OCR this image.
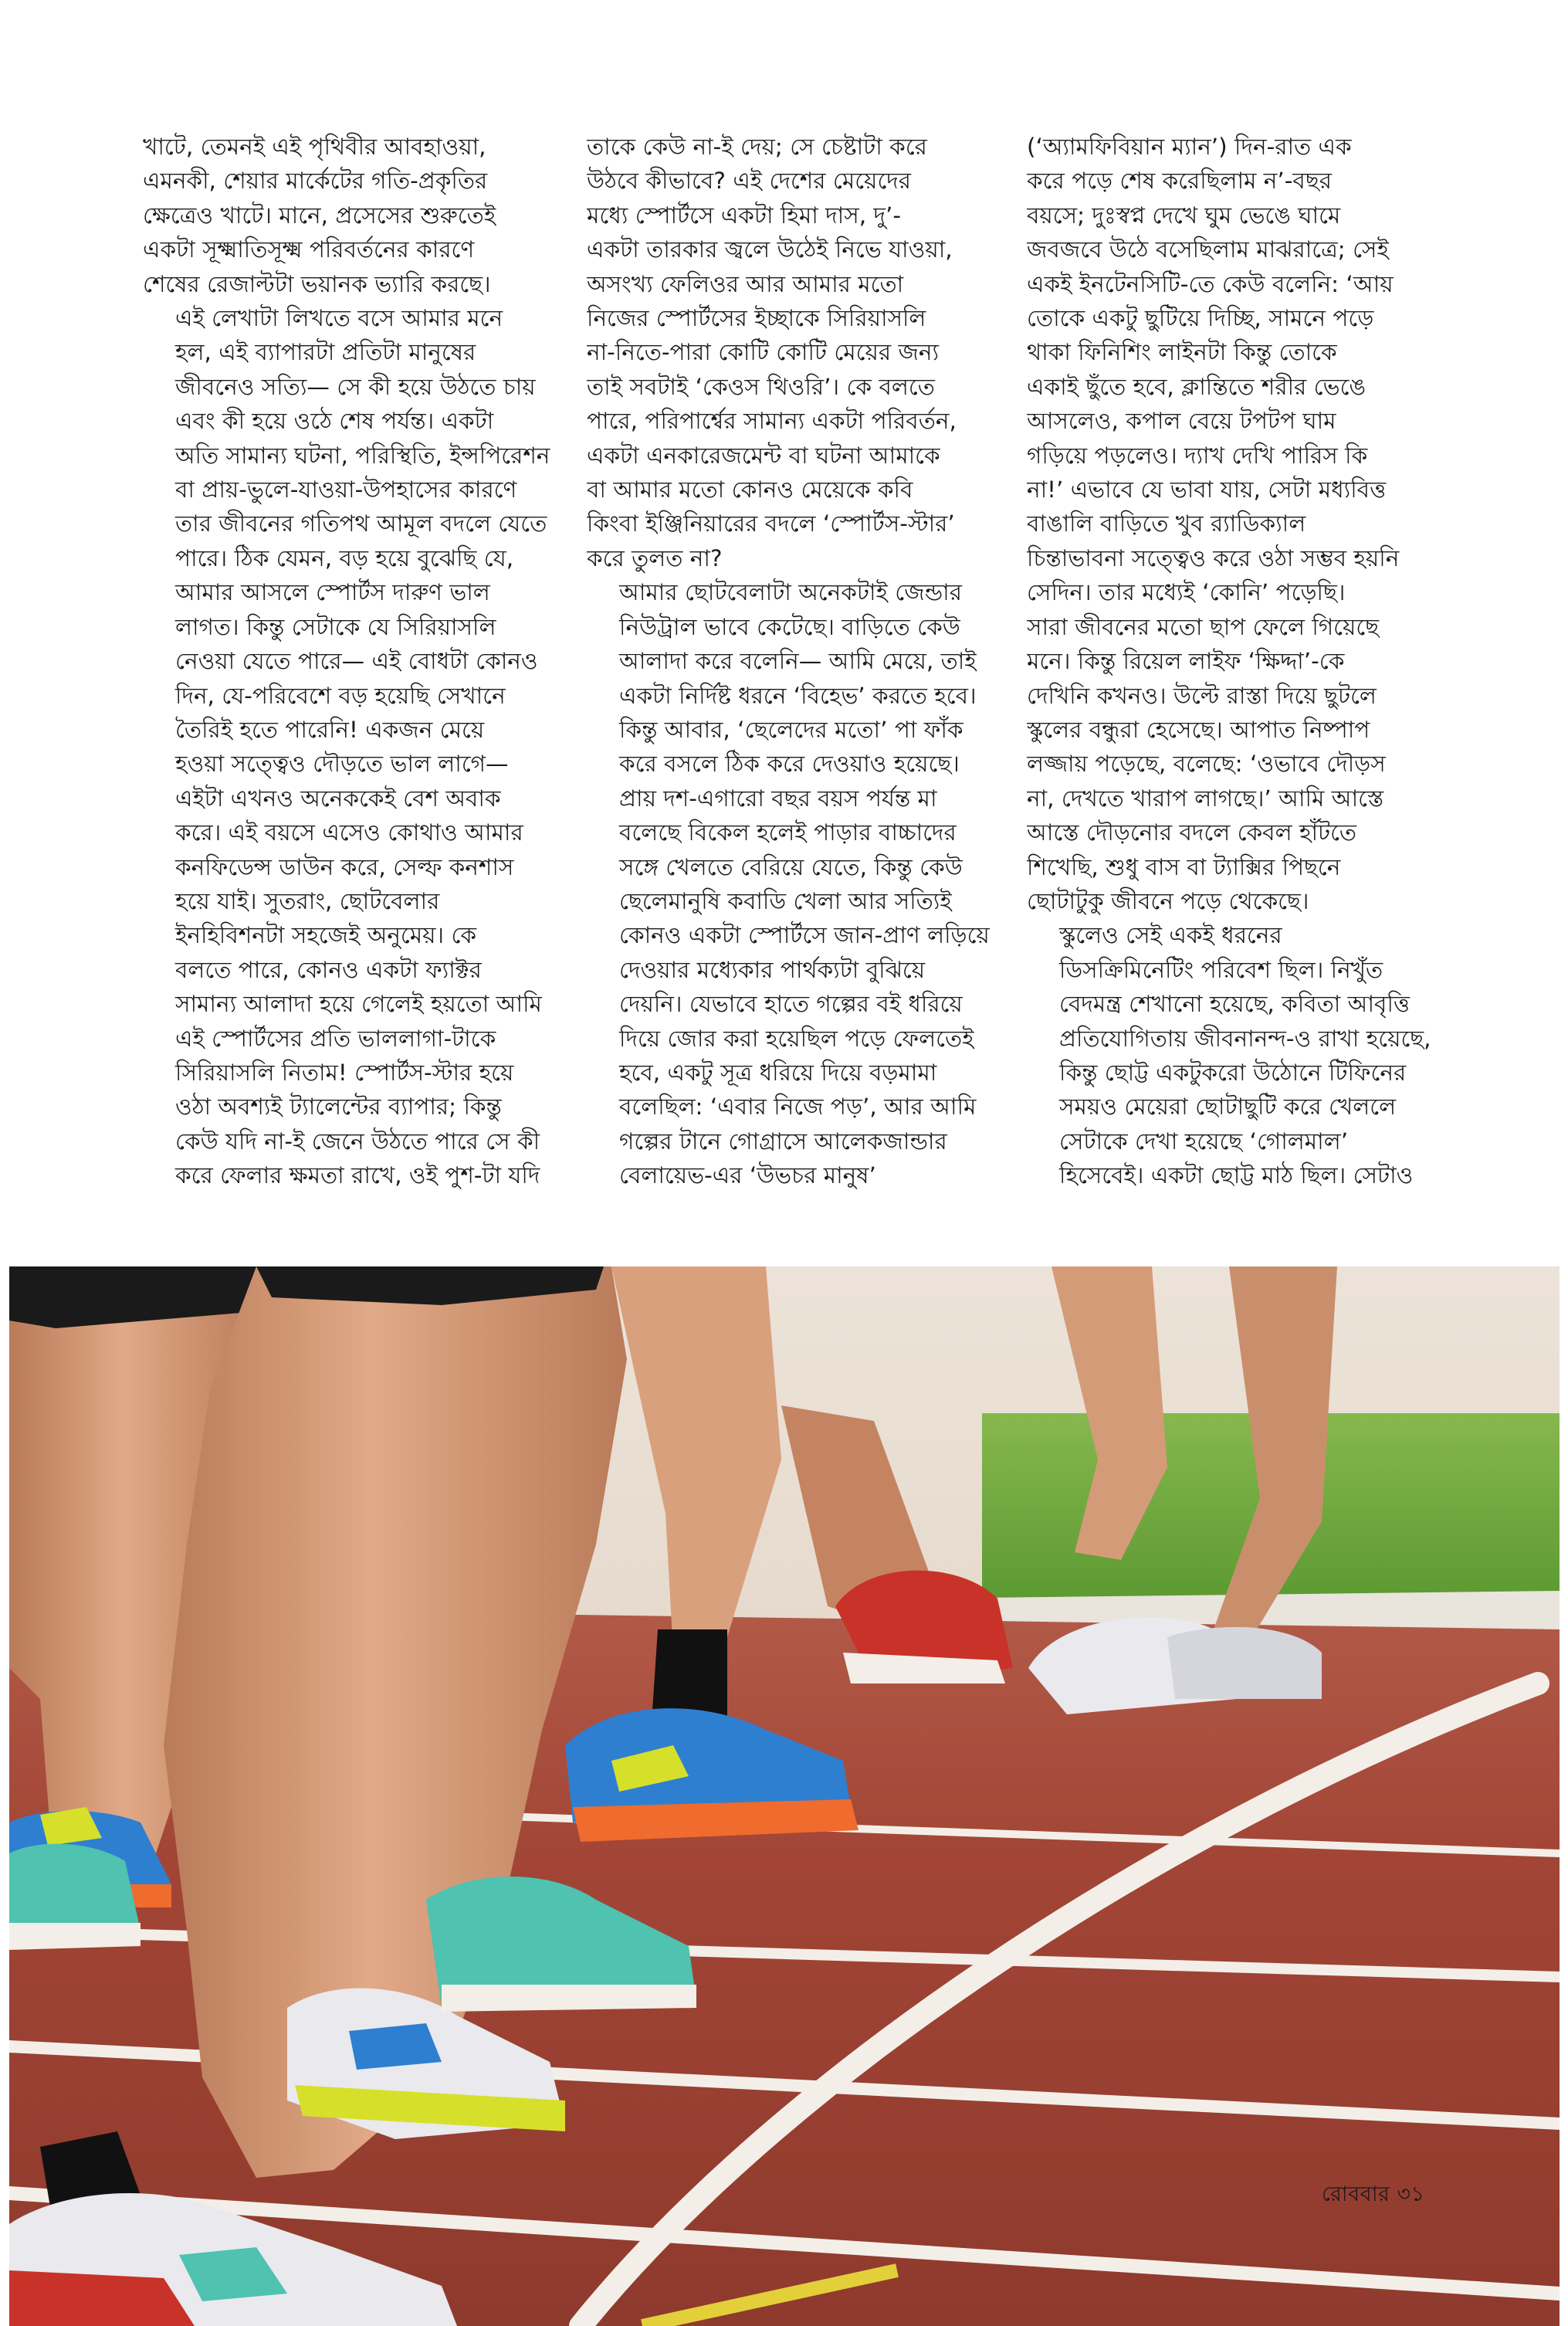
খাটে, তেমনই এই পৃথিবীর আবহাওয়া,
এমনকী, শেয়ার মার্কেটের গতি-প্রকৃতির
ক্ষেত্রেও খাটে। মানে, প্রসেসের শুরুতেই
একটা সূক্ষ্মাতিসূক্ষ্ম পরিবর্তনের কারণে
শেষের রেজাল্টটা ভয়ানক ভ্যারি করছে।

এই লেখাটা লিখতে বসে আমার মনে
হল, এই ব্যাপারটা প্রতিটা মানুষের
জীবনেও সত্যি— সে কী হয়ে উঠতে চায়
এবং কী হয়ে ওঠে শেষ পর্যন্ত। একটা
অতি সামান্য ঘটনা, পরিস্থিতি, ইন্সপিরেশন
বা প্রায়-ভুলে-যাওয়া-উপহাসের কারণে
তার জীবনের গতিপথ আমূল বদলে যেতে
পারে। ঠিক যেমন, বড় হয়ে বুঝেছি যে,
আমার আসলে স্পোর্টস দারুণ ভাল
লাগত। কিন্তু সেটাকে যে সিরিয়াসলি
নেওয়া যেতে পারে— এই বোধটা কোনও
দিন, যে-পরিবেশে বড় হয়েছি সেখানে
তৈরিই হতে পারেনি! একজন মেয়ে
হওয়া সত্ত্বেও দৌড়তে ভাল লাগে—
এইটা এখনও অনেককেই বেশ অবাক
করে। এই বয়সে এসেও কোথাও আমার
কনফিডেন্স ডাউন করে, সেল্ফ কনশাস
হয়ে যাই। সুতরাং, ছোটবেলার
ইনহিবিশনটা সহজেই অনুমেয়। কে
বলতে পারে, কোনও একটা ফ্যাক্টর
সামান্য আলাদা হয়ে গেলেই হয়তো আমি
এই স্পোর্টসের প্রতি ভাললাগা-টাকে
সিরিয়াসলি নিতাম! স্পোর্টস-স্টার হয়ে
ওঠা অবশ্যই ট্যালেন্টের ব্যাপার; কিন্তু
কেউ যদি না-ই জেনে উঠতে পারে সে কী
করে ফেলার ক্ষমতা রাখে, ওই পুশ-টা যদি

তাকে কেউ না-ই দেয়; সে চেষ্টাটা করে
উঠবে কীভাবে? এই দেশের মেয়েদের
মধ্যে স্পোর্টসে একটা হিমা দাস, দু’-
একটা তারকার জ্বলে উঠেই নিভে যাওয়া,
অসংখ্য ফেলিওর আর আমার মতো
নিজের স্পোর্টসের ইচ্ছাকে সিরিয়াসলি
না-নিতে-পারা কোটি কোটি মেয়ের জন্য
তাই সবটাই ‘কেওস থিওরি’। কে বলতে
পারে, পরিপার্শ্বের সামান্য একটা পরিবর্তন,
একটা এনকারেজমেন্ট বা ঘটনা আমাকে
বা আমার মতো কোনও মেয়েকে কবি
কিংবা ইঞ্জিনিয়ারের বদলে ‘স্পোর্টস-স্টার’
করে তুলত না?

আমার ছোটবেলাটা অনেকটাই জেন্ডার
নিউট্রাল ভাবে কেটেছে। বাড়িতে কেউ
আলাদা করে বলেনি— আমি মেয়ে, তাই
একটা নির্দিষ্ট ধরনে ‘বিহেভ’ করতে হবে।
কিন্তু আবার, ‘ছেলেদের মতো’ পা ফাঁক
করে বসলে ঠিক করে দেওয়াও হয়েছে।
প্রায় দশ-এগারো বছর বয়স পর্যন্ত মা
বলেছে বিকেল হলেই পাড়ার বাচ্চাদের
সঙ্গে খেলতে বেরিয়ে যেতে, কিন্তু কেউ
ছেলেমানুষি কবাডি খেলা আর সত্যিই
কোনও একটা স্পোর্টসে জান-প্রাণ লড়িয়ে
দেওয়ার মধ্যেকার পার্থক্যটা বুঝিয়ে
দেয়নি। যেভাবে হাতে গল্পের বই ধরিয়ে
দিয়ে জোর করা হয়েছিল পড়ে ফেলতেই
হবে, একটু সূত্র ধরিয়ে দিয়ে বড়মামা
বলেছিল: ‘এবার নিজে পড়’, আর আমি
গল্পের টানে গোগ্রাসে আলেকজান্ডার
বেলায়েভ-এর ‘উভচর মানুষ’

(‘অ্যামফিবিয়ান ম্যান’) দিন-রাত এক
করে পড়ে শেষ করেছিলাম ন’-বছর
বয়সে; দুঃস্বপ্ন দেখে ঘুম ভেঙে ঘামে
জবজবে উঠে বসেছিলাম মাঝরাত্রে; সেই
একই ইনটেনসিটি-তে কেউ বলেনি: ‘আয়
তোকে একটু ছুটিয়ে দিচ্ছি, সামনে পড়ে
থাকা ফিনিশিং লাইনটা কিন্তু তোকে
একাই ছুঁতে হবে, ক্লান্তিতে শরীর ভেঙে
আসলেও, কপাল বেয়ে টপটপ ঘাম
গড়িয়ে পড়লেও। দ্যাখ দেখি পারিস কি
না!’ এভাবে যে ভাবা যায়, সেটা মধ্যবিত্ত
বাঙালি বাড়িতে খুব র‌্যাডিক্যাল
চিন্তাভাবনা সত্ত্বেও করে ওঠা সম্ভব হয়নি
সেদিন। তার মধ্যেই ‘কোনি’ পড়েছি।
সারা জীবনের মতো ছাপ ফেলে গিয়েছে
মনে। কিন্তু রিয়েল লাইফ ‘ক্ষিদ্দা’-কে
দেখিনি কখনও। উল্টে রাস্তা দিয়ে ছুটলে
স্কুলের বন্ধুরা হেসেছে। আপাত নিষ্পাপ
লজ্জায় পড়েছে, বলেছে: ‘ওভাবে দৌড়স
না, দেখতে খারাপ লাগছে।’ আমি আস্তে
আস্তে দৌড়নোর বদলে কেবল হাঁটতে
শিখেছি, শুধু বাস বা ট্যাক্সির পিছনে
ছোটাটুকু জীবনে পড়ে থেকেছে।

স্কুলেও সেই একই ধরনের
ডিসক্রিমিনেটিং পরিবেশ ছিল। নিখুঁত
বেদমন্ত্র শেখানো হয়েছে, কবিতা আবৃত্তি
প্রতিযোগিতায় জীবনানন্দ-ও রাখা হয়েছে,
কিন্তু ছোট্ট একটুকরো উঠোনে টিফিনের
সময়ও মেয়েরা ছোটাছুটি করে খেললে
সেটাকে দেখা হয়েছে ‘গোলমাল’
হিসেবেই। একটা ছোট্ট মাঠ ছিল। সেটাও

রোববার ৩১
